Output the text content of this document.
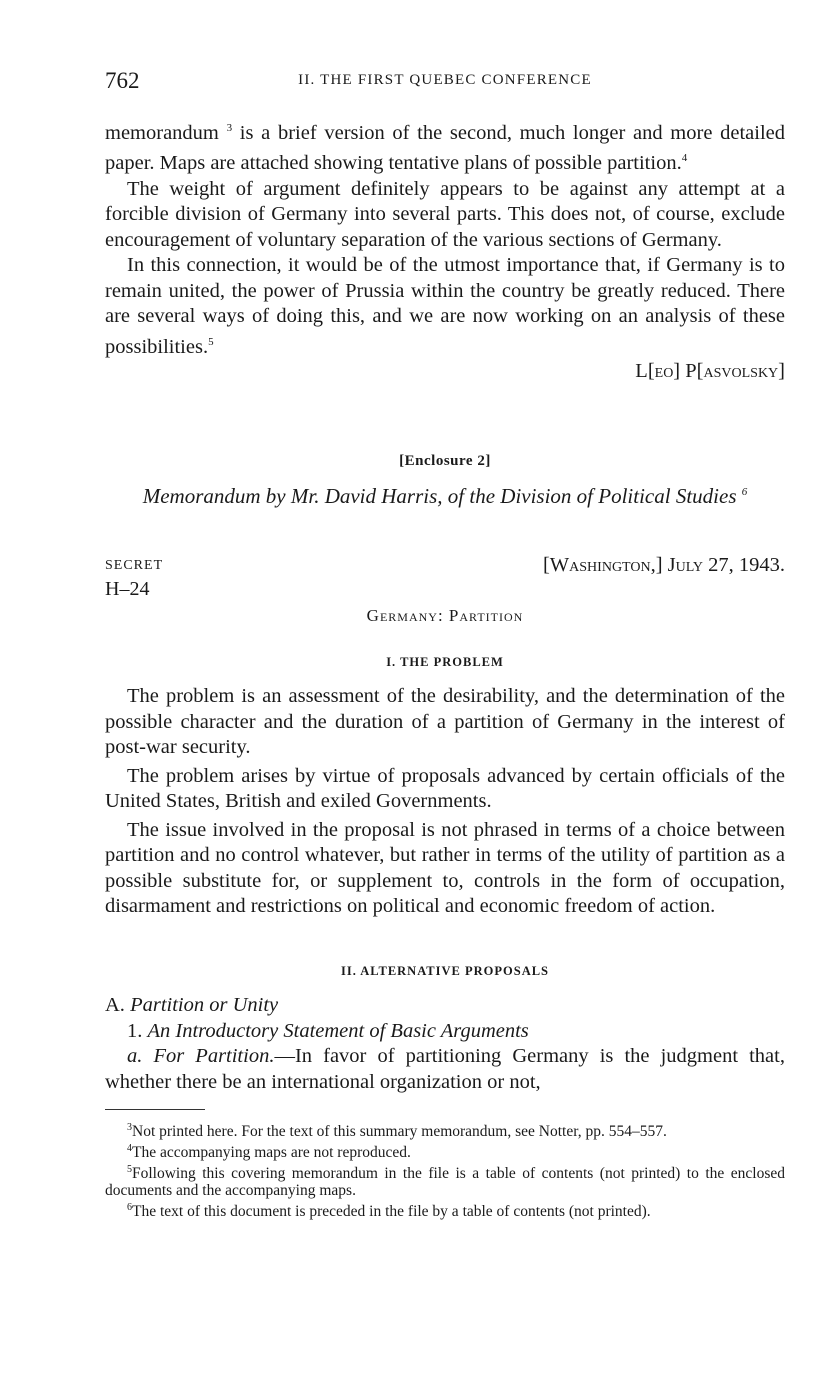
762	II. THE FIRST QUEBEC CONFERENCE

memorandum $^3$ is a brief version of the second, much longer and more detailed paper. Maps are attached showing tentative plans of possible partition.$^4$

The weight of argument definitely appears to be against any attempt at a forcible division of Germany into several parts. This does not, of course, exclude encouragement of voluntary separation of the various sections of Germany.

In this connection, it would be of the utmost importance that, if Germany is to remain united, the power of Prussia within the country be greatly reduced. There are several ways of doing this, and we are now working on an analysis of these possibilities.$^5$

L[eo] P[asvolsky]
[Enclosure 2]
Memorandum by Mr. David Harris, of the Division of Political Studies $^6$
SECRET	[Washington,] July 27, 1943.
H–24
Germany: Partition
I. THE PROBLEM

The problem is an assessment of the desirability, and the determination of the possible character and the duration of a partition of Germany in the interest of post-war security.

The problem arises by virtue of proposals advanced by certain officials of the United States, British and exiled Governments.

The issue involved in the proposal is not phrased in terms of a choice between partition and no control whatever, but rather in terms of the utility of partition as a possible substitute for, or supplement to, controls in the form of occupation, disarmament and restrictions on political and economic freedom of action.

II. ALTERNATIVE PROPOSALS

A. Partition or Unity

1. An Introductory Statement of Basic Arguments

a. For Partition.—In favor of partitioning Germany is the judgment that, whether there be an international organization or not,

$^3$Not printed here. For the text of this summary memorandum, see Notter, pp. 554–557.

$^4$The accompanying maps are not reproduced.

$^5$Following this covering memorandum in the file is a table of contents (not printed) to the enclosed documents and the accompanying maps.

$^6$The text of this document is preceded in the file by a table of contents (not printed).
